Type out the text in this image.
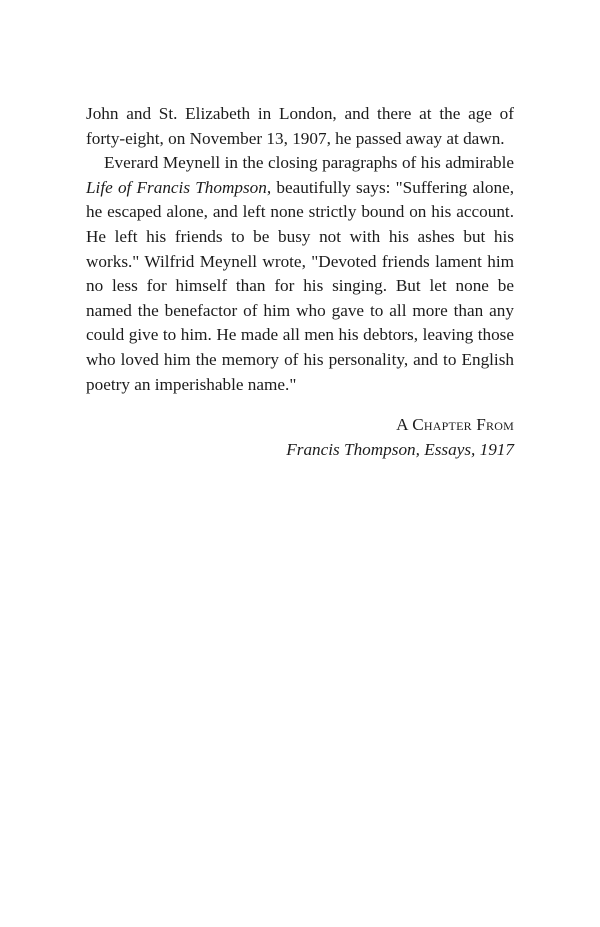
John and St. Elizabeth in London, and there at the age of forty-eight, on November 13, 1907, he passed away at dawn.

Everard Meynell in the closing paragraphs of his admirable Life of Francis Thompson, beautifully says: "Suffering alone, he escaped alone, and left none strictly bound on his account. He left his friends to be busy not with his ashes but his works." Wilfrid Meynell wrote, "Devoted friends lament him no less for himself than for his singing. But let none be named the benefactor of him who gave to all more than any could give to him. He made all men his debtors, leaving those who loved him the memory of his personality, and to English poetry an imperishable name."

A Chapter From
Francis Thompson, Essays, 1917
